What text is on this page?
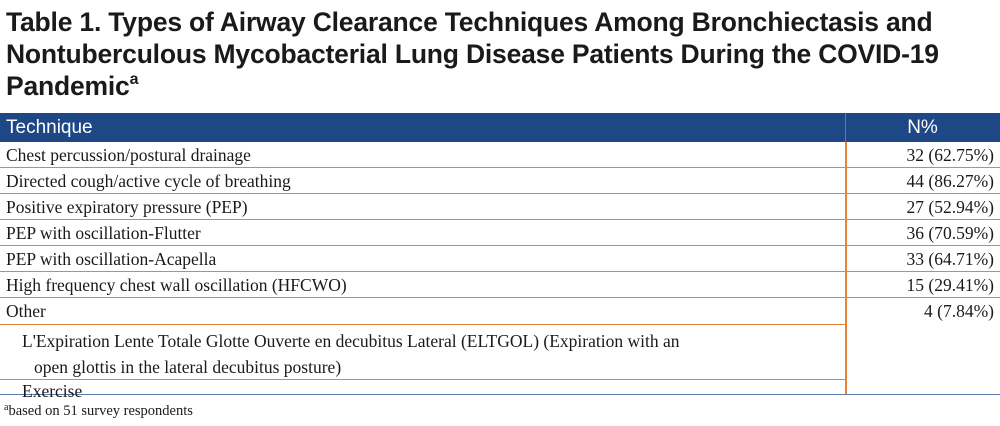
Table 1. Types of Airway Clearance Techniques Among Bronchiectasis and Nontuberculous Mycobacterial Lung Disease Patients During the COVID-19 Pandemic$^a$
Technique	N%
Chest percussion/postural drainage	32 (62.75%)
Directed cough/active cycle of breathing	44 (86.27%)
Positive expiratory pressure (PEP)	27 (52.94%)
PEP with oscillation-Flutter	36 (70.59%)
PEP with oscillation-Acapella	33 (64.71%)
High frequency chest wall oscillation (HFCWO)	15 (29.41%)
Other	4 (7.84%)
L'Expiration Lente Totale Glotte Ouverte en decubitus Lateral (ELTGOL) (Expiration with an
open glottis in the lateral decubitus posture)
Exercise
$^a$based on 51 survey respondents
